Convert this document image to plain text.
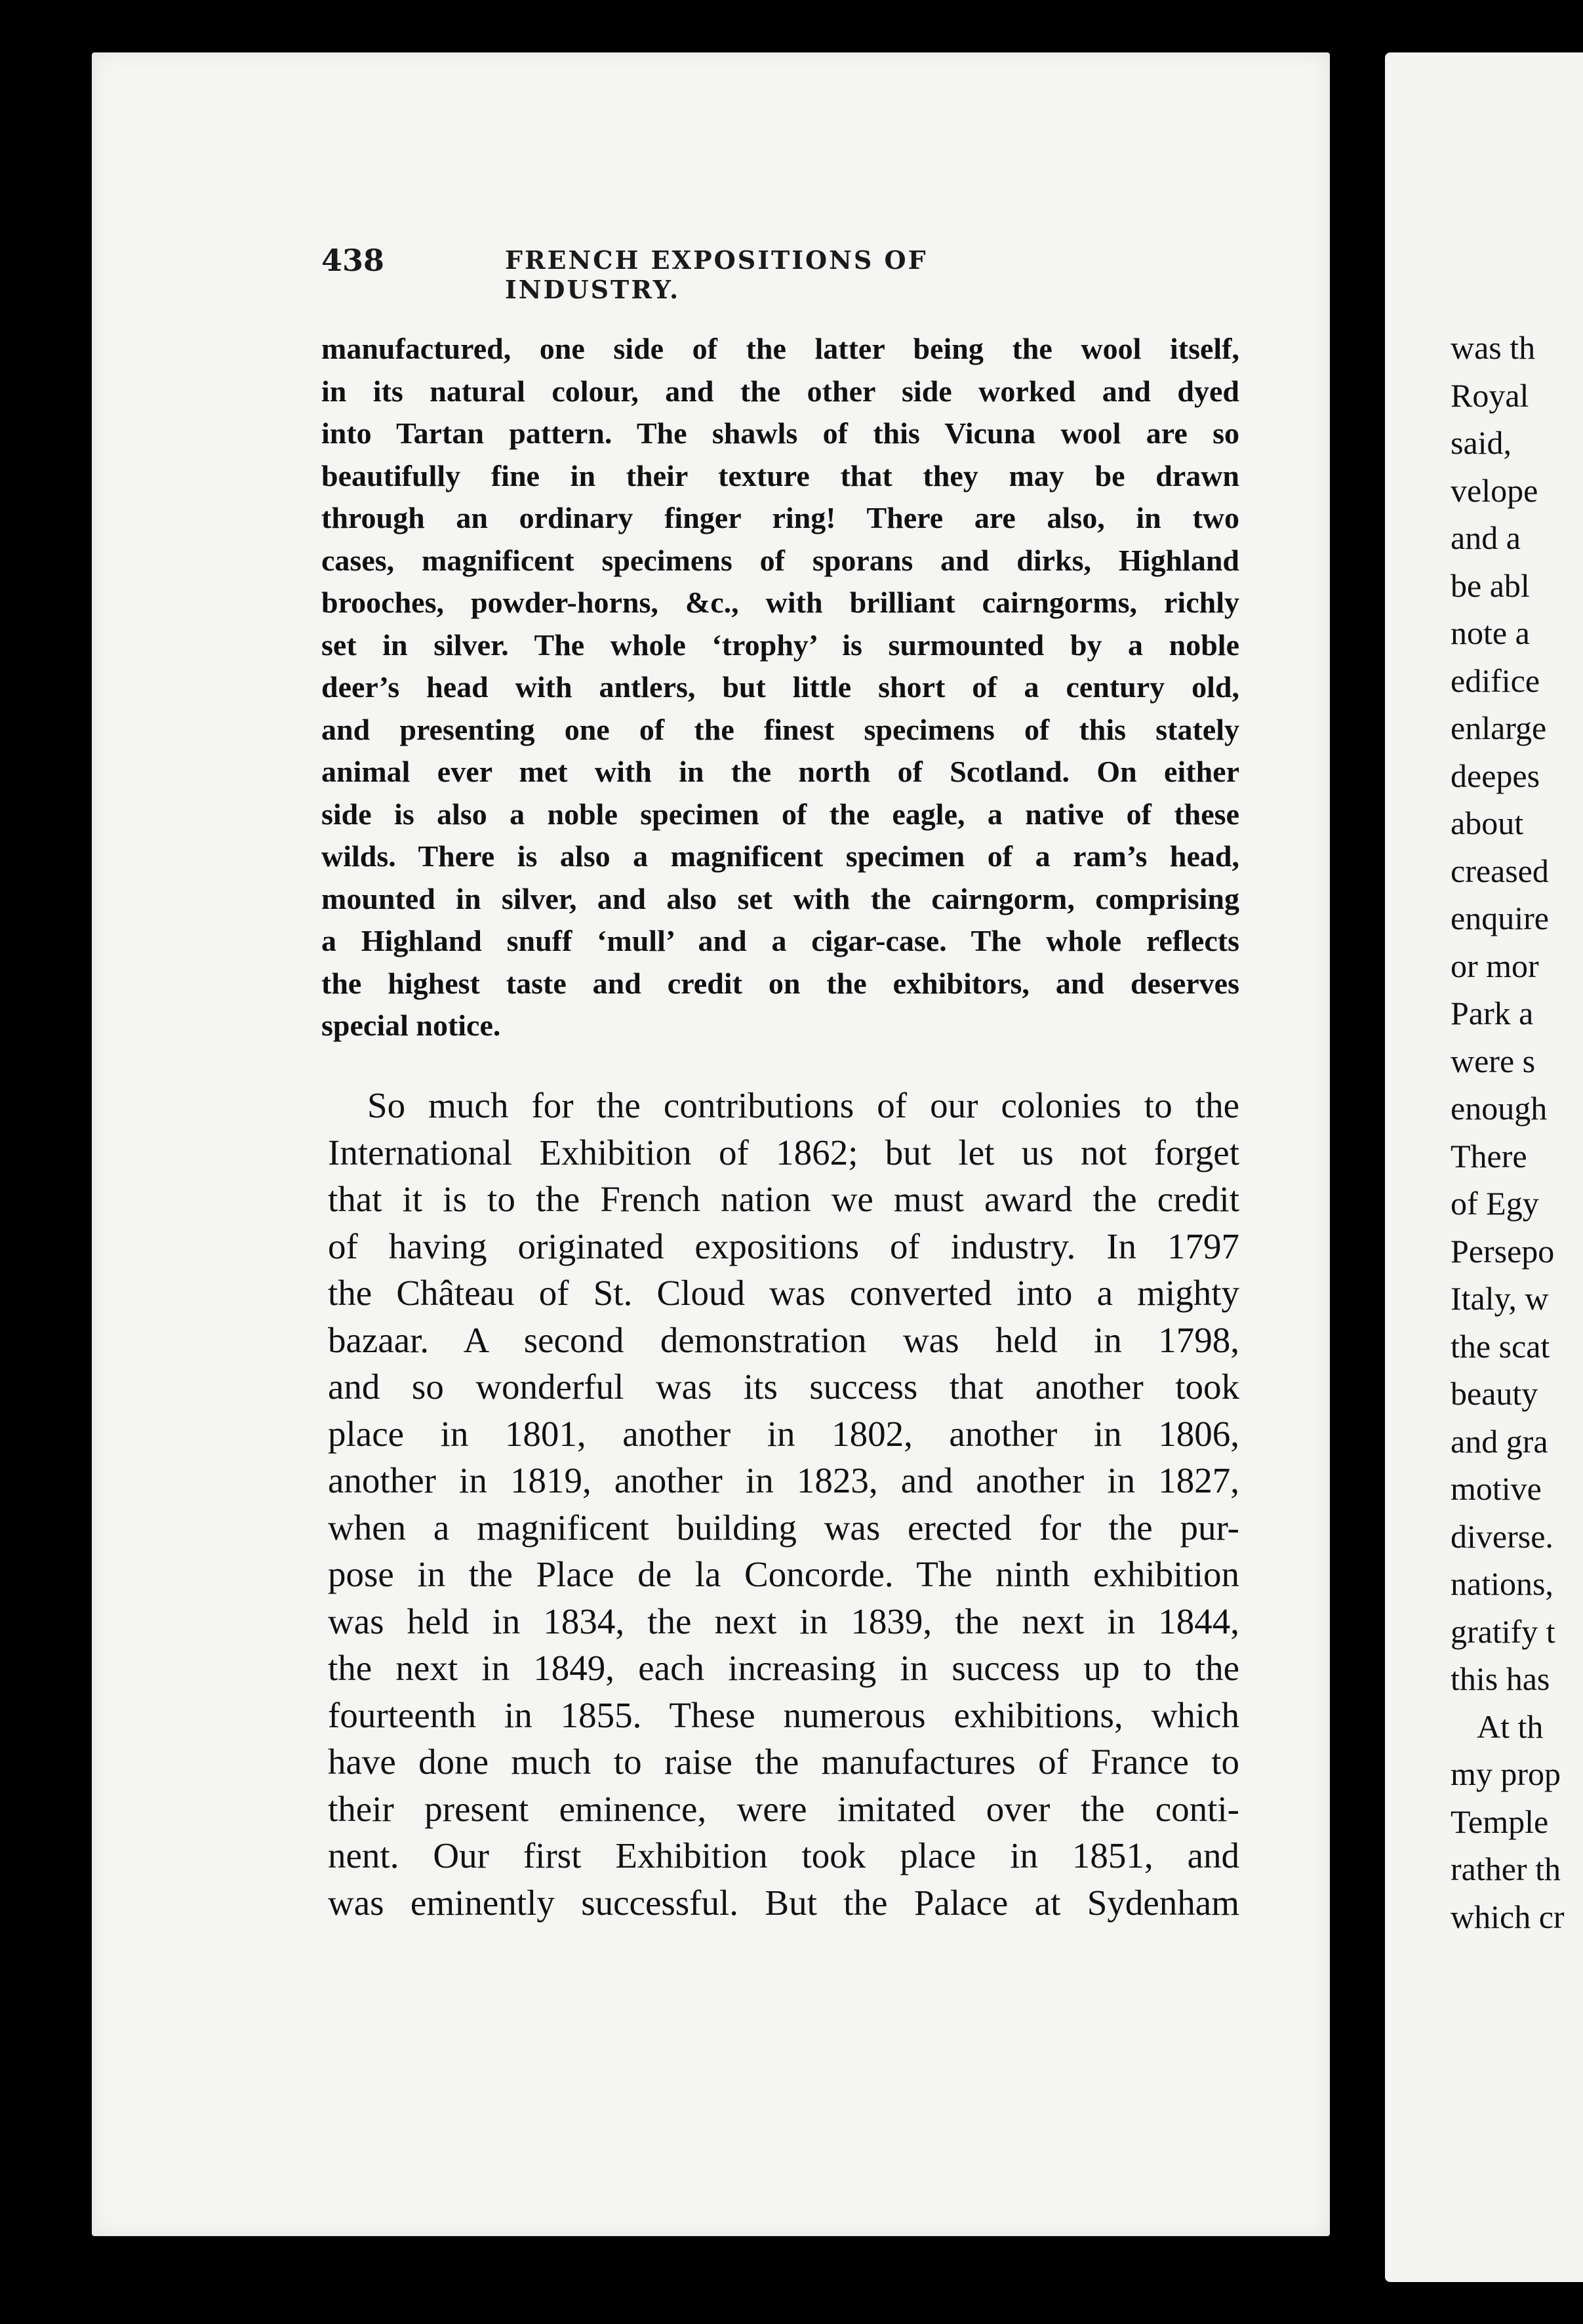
438	FRENCH EXPOSITIONS OF INDUSTRY.
manufactured, one side of the latter being the wool itself,
in its natural colour, and the other side worked and dyed
into Tartan pattern. The shawls of this Vicuna wool are so
beautifully fine in their texture that they may be drawn
through an ordinary finger ring! There are also, in two
cases, magnificent specimens of sporans and dirks, Highland
brooches, powder-horns, &c., with brilliant cairngorms, richly
set in silver. The whole ‘trophy’ is surmounted by a noble
deer’s head with antlers, but little short of a century old,
and presenting one of the finest specimens of this stately
animal ever met with in the north of Scotland. On either
side is also a noble specimen of the eagle, a native of these
wilds. There is also a magnificent specimen of a ram’s head,
mounted in silver, and also set with the cairngorm, comprising
a Highland snuff ‘mull’ and a cigar-case. The whole reflects
the highest taste and credit on the exhibitors, and deserves
special notice.
So much for the contributions of our colonies to the
International Exhibition of 1862; but let us not forget
that it is to the French nation we must award the credit
of having originated expositions of industry. In 1797
the Château of St. Cloud was converted into a mighty
bazaar. A second demonstration was held in 1798,
and so wonderful was its success that another took
place in 1801, another in 1802, another in 1806,
another in 1819, another in 1823, and another in 1827,
when a magnificent building was erected for the pur-
pose in the Place de la Concorde. The ninth exhibition
was held in 1834, the next in 1839, the next in 1844,
the next in 1849, each increasing in success up to the
fourteenth in 1855. These numerous exhibitions, which
have done much to raise the manufactures of France to
their present eminence, were imitated over the conti-
nent. Our first Exhibition took place in 1851, and
was eminently successful. But the Palace at Sydenham
was th
Royal
said,
velope
and a
be abl
note a
edifice
enlarge
deepes
about
creased
enquire
or mor
Park a
were s
enough
There
of Egy
Persepo
Italy, w
the scat
beauty
and gra
motive
diverse.
nations,
gratify t
this has
At th
my prop
Temple
rather th
which cr
